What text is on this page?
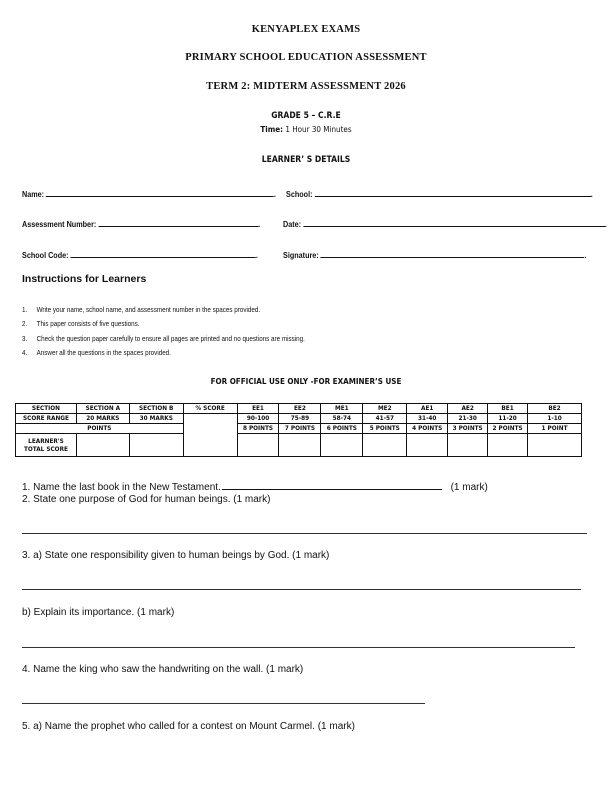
KENYAPLEX EXAMS
PRIMARY SCHOOL EDUCATION ASSESSMENT
TERM 2: MIDTERM ASSESSMENT 2026
GRADE 5 – C.R.E
Time: 1 Hour 30 Minutes
LEARNER’ S DETAILS
Name:	. School:	.
Assessment Number:	.	Date:	.
School Code:	.	Signature:	.
Instructions for Learners
1. Write your name, school name, and assessment number in the spaces provided.
2. This paper consists of five questions.
3. Check the question paper carefully to ensure all pages are printed and no questions are missing.
4. Answer all the questions in the spaces provided.
FOR OFFICIAL USE ONLY -FOR EXAMINER’S USE
SECTION	SECTION A	SECTION B	% SCORE	EE1	EE2	ME1	ME2	AE1	AE2	BE1	BE2
SCORE RANGE	20 MARKS	30 MARKS		90-100	75-89	58-74	41-57	31-40	21-30	11-20	1-10
POINTS				8 POINTS	7 POINTS	6 POINTS	5 POINTS	4 POINTS	3 POINTS	2 POINTS	1 POINT
LEARNER'S
TOTAL SCORE											
1. Name the last book in the New Testament.	(1 mark)
2. State one purpose of God for human beings. (1 mark)
3. a) State one responsibility given to human beings by God. (1 mark)
b) Explain its importance. (1 mark)
4. Name the king who saw the handwriting on the wall. (1 mark)
5. a) Name the prophet who called for a contest on Mount Carmel. (1 mark)
